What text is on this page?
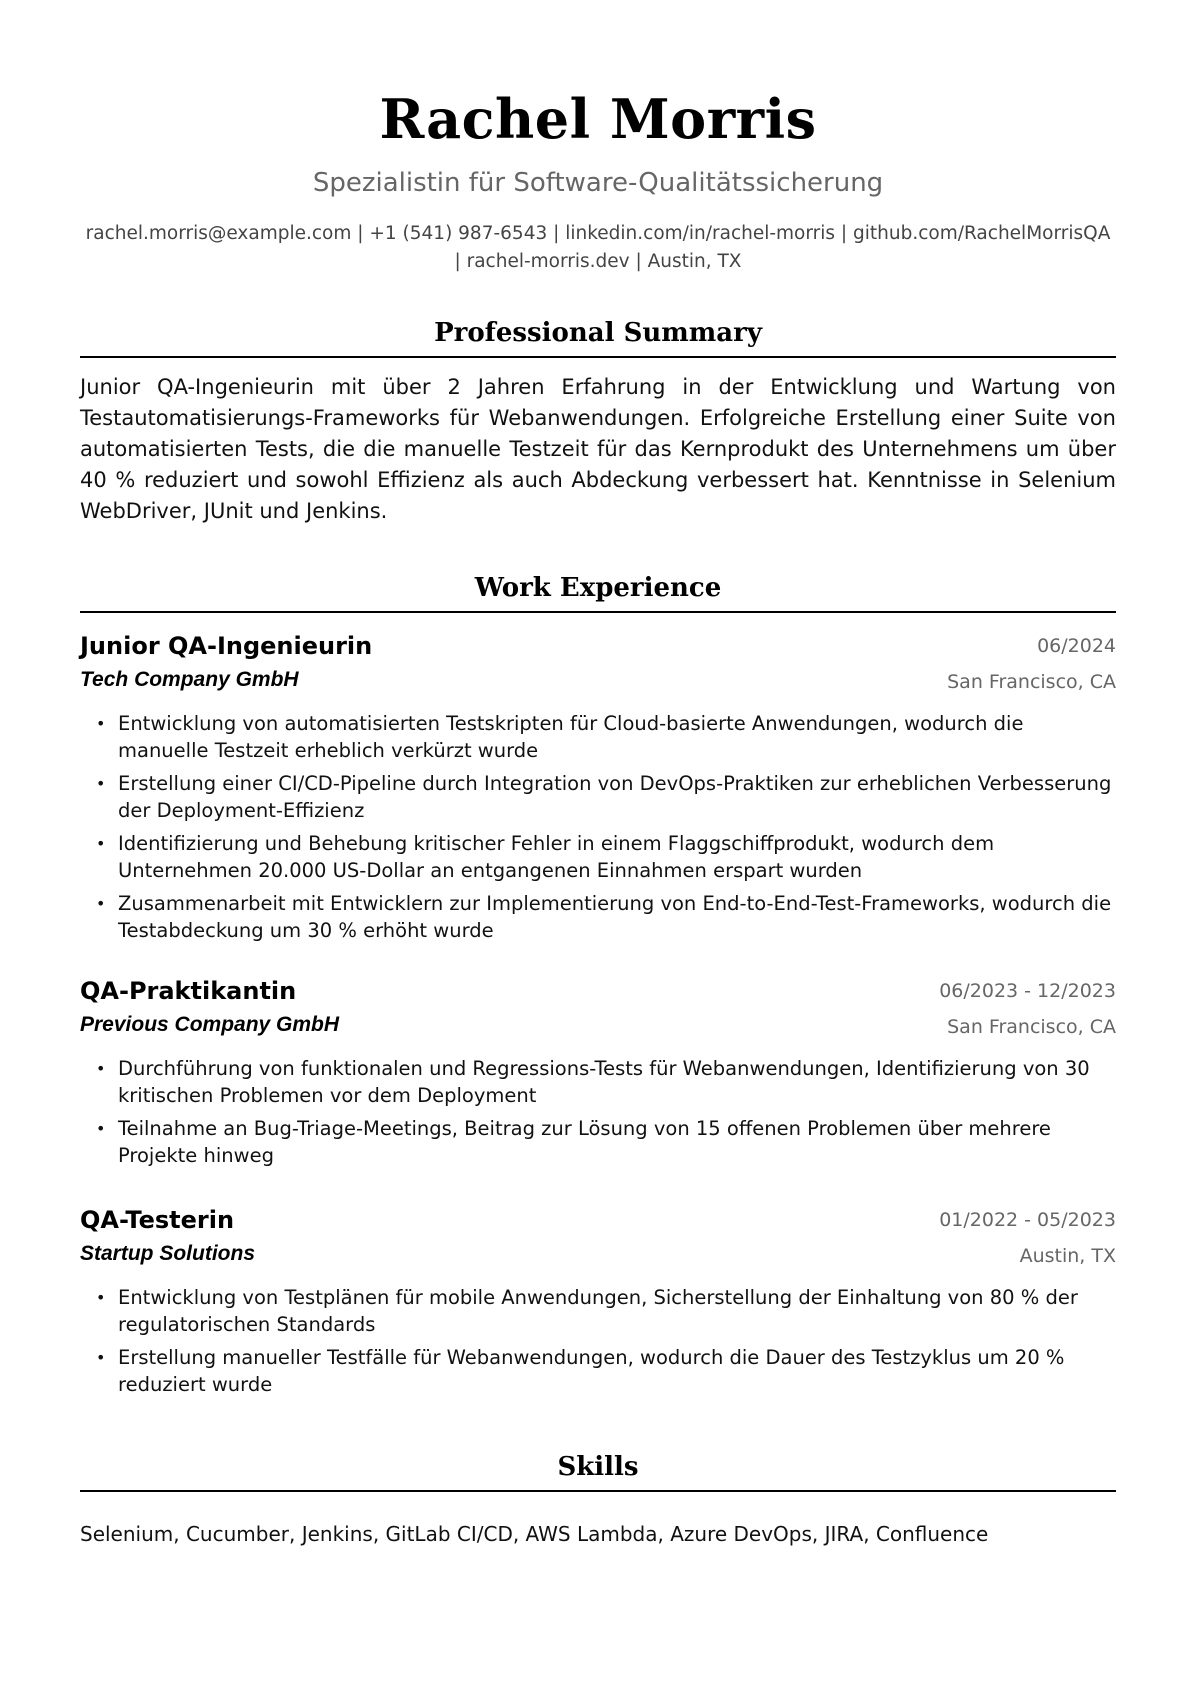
Rachel Morris
Spezialistin für Software-Qualitätssicherung
rachel.morris@example.com | +1 (541) 987-6543 | linkedin.com/in/rachel-morris | github.com/RachelMorrisQA
| rachel-morris.dev | Austin, TX
Professional Summary
Junior QA-Ingenieurin mit über 2 Jahren Erfahrung in der Entwicklung und Wartung von Testautomatisierungs-Frameworks für Webanwendungen. Erfolgreiche Erstellung einer Suite von automatisierten Tests, die die manuelle Testzeit für das Kernprodukt des Unternehmens um über 40 % reduziert und sowohl Effizienz als auch Abdeckung verbessert hat. Kenntnisse in Selenium WebDriver, JUnit und Jenkins.
Work Experience
Junior QA-Ingenieurin	06/2024
Tech Company GmbH	San Francisco, CA
• Entwicklung von automatisierten Testskripten für Cloud-basierte Anwendungen, wodurch die manuelle Testzeit erheblich verkürzt wurde
• Erstellung einer CI/CD-Pipeline durch Integration von DevOps-Praktiken zur erheblichen Verbesserung der Deployment-Effizienz
• Identifizierung und Behebung kritischer Fehler in einem Flaggschiffprodukt, wodurch dem Unternehmen 20.000 US-Dollar an entgangenen Einnahmen erspart wurden
• Zusammenarbeit mit Entwicklern zur Implementierung von End-to-End-Test-Frameworks, wodurch die Testabdeckung um 30 % erhöht wurde
QA-Praktikantin	06/2023 - 12/2023
Previous Company GmbH	San Francisco, CA
• Durchführung von funktionalen und Regressions-Tests für Webanwendungen, Identifizierung von 30 kritischen Problemen vor dem Deployment
• Teilnahme an Bug-Triage-Meetings, Beitrag zur Lösung von 15 offenen Problemen über mehrere Projekte hinweg
QA-Testerin	01/2022 - 05/2023
Startup Solutions	Austin, TX
• Entwicklung von Testplänen für mobile Anwendungen, Sicherstellung der Einhaltung von 80 % der regulatorischen Standards
• Erstellung manueller Testfälle für Webanwendungen, wodurch die Dauer des Testzyklus um 20 % reduziert wurde
Skills
Selenium, Cucumber, Jenkins, GitLab CI/CD, AWS Lambda, Azure DevOps, JIRA, Confluence
